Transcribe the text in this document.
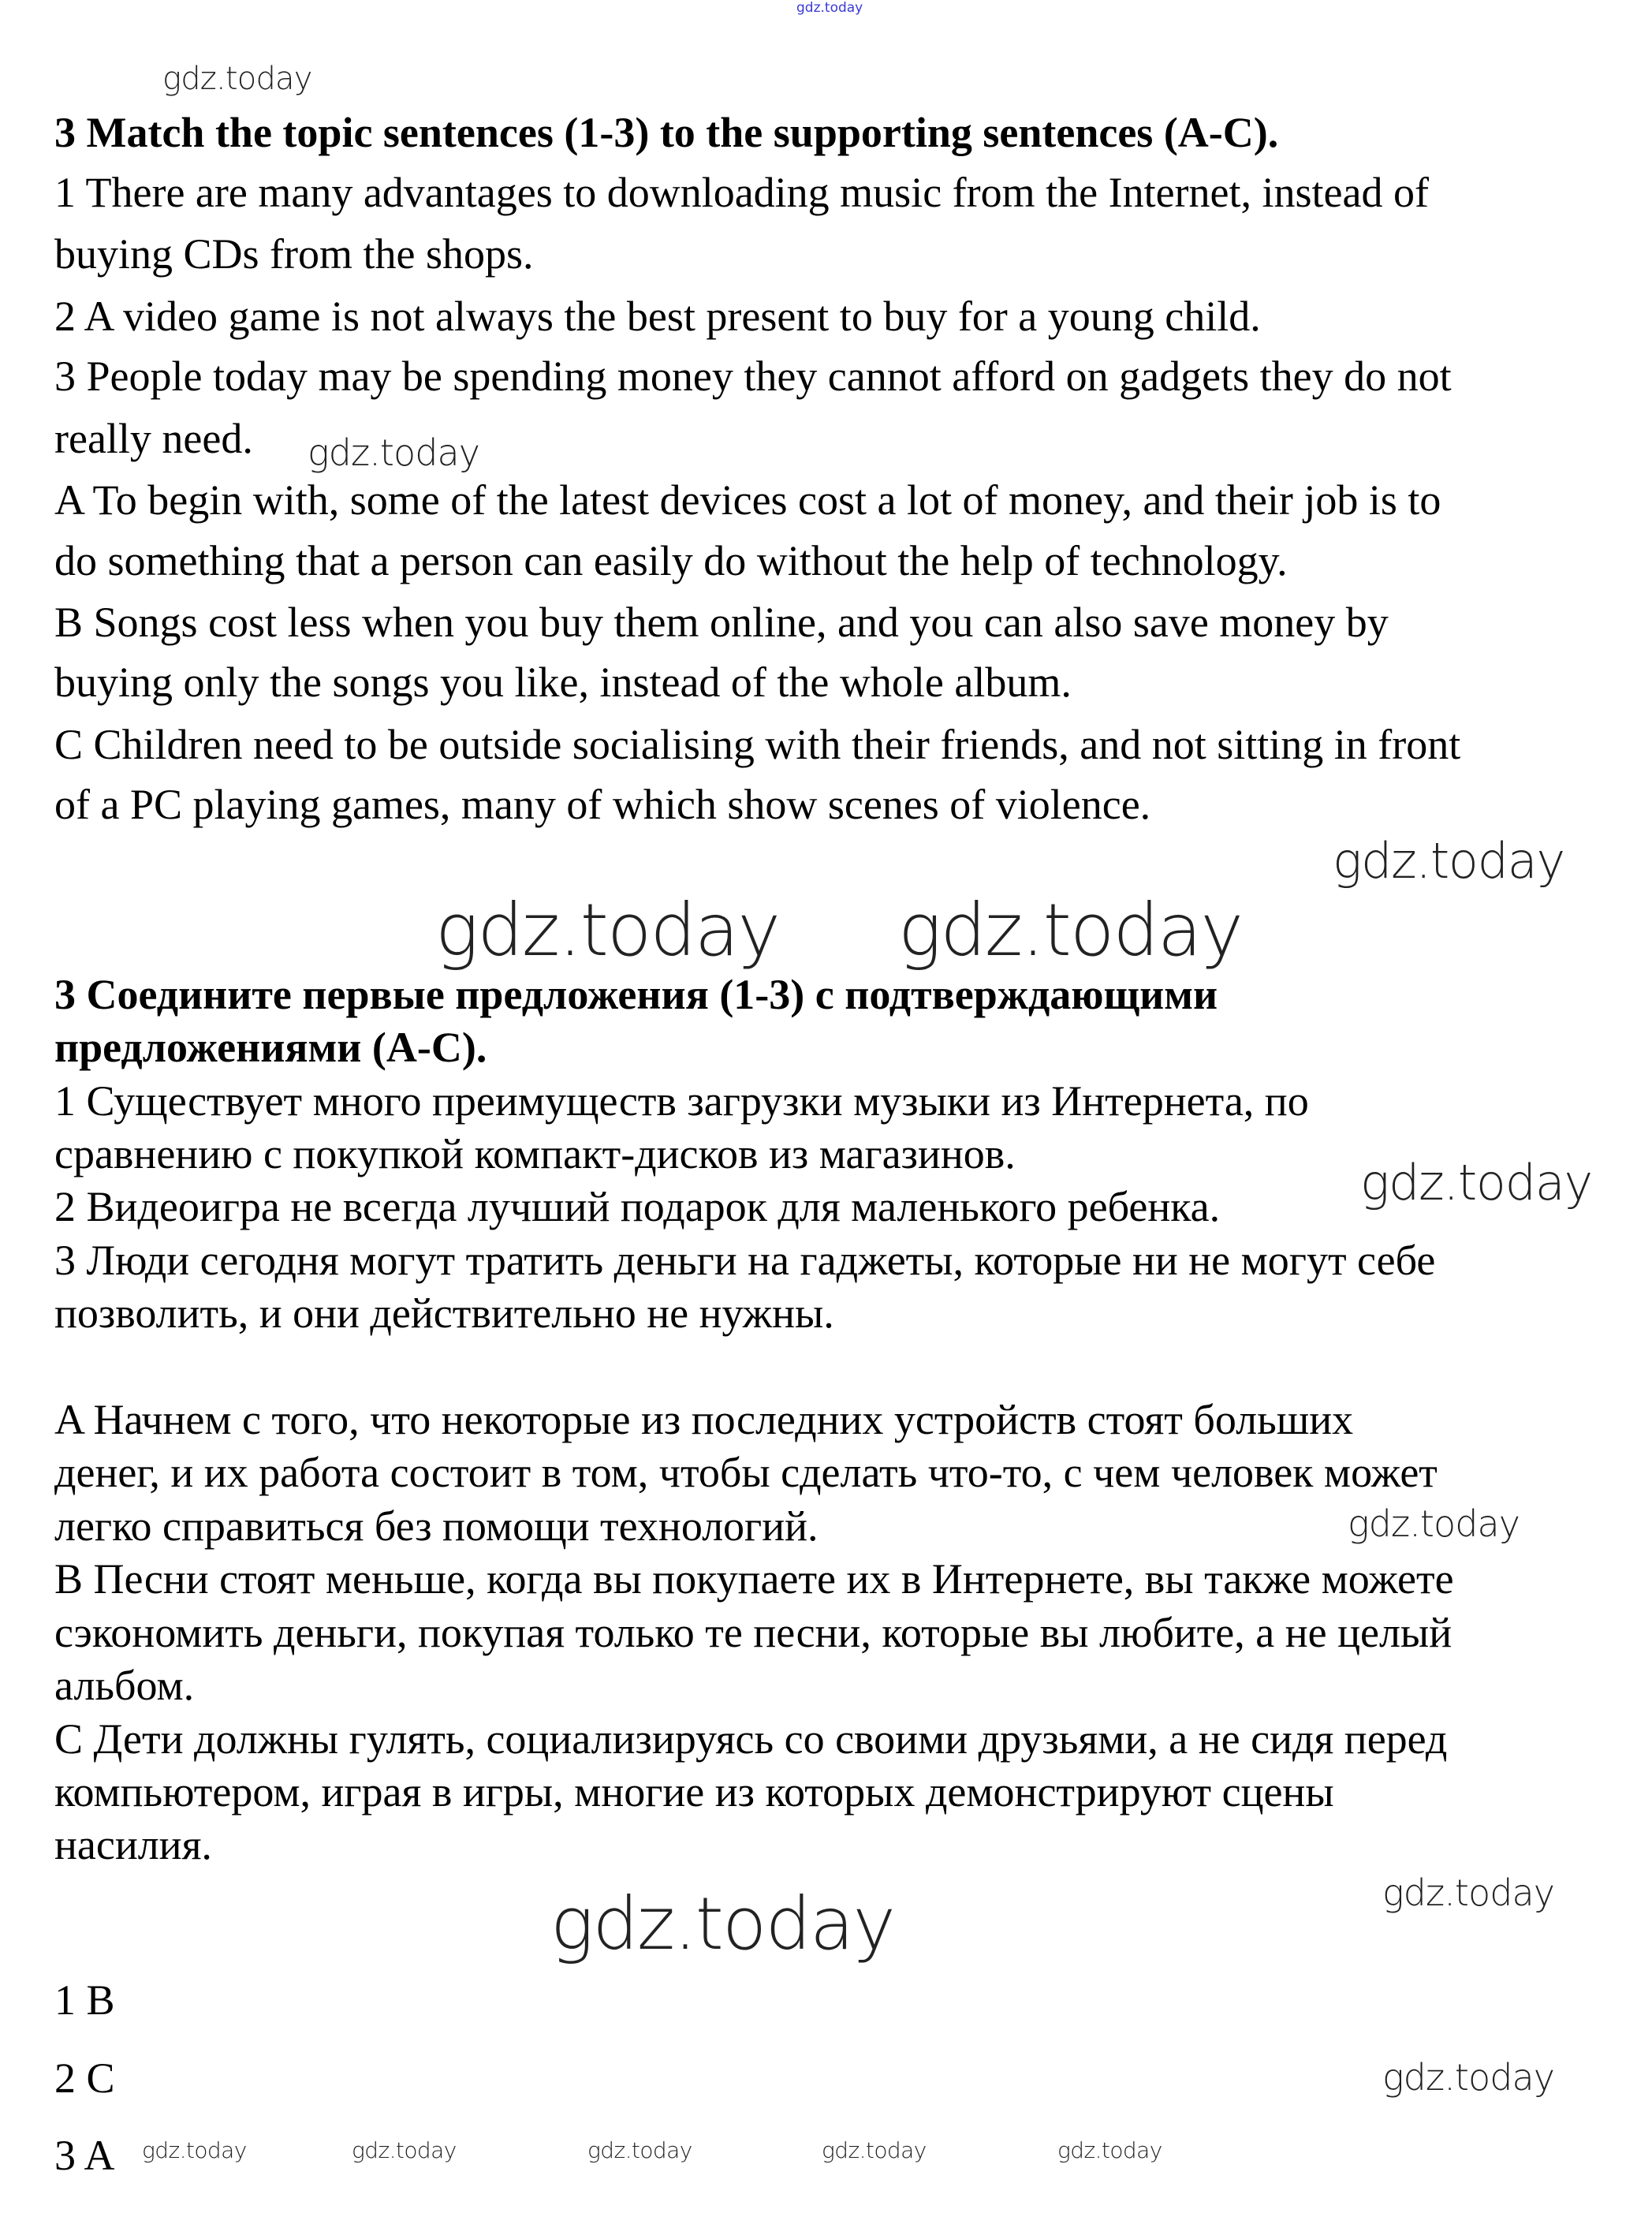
gdz.today
3 Match the topic sentences (1-3) to the supporting sentences (A-C).
1 There are many advantages to downloading music from the Internet, instead of
buying CDs from the shops.
2 A video game is not always the best present to buy for a young child.
3 People today may be spending money they cannot afford on gadgets they do not
really need.
A To begin with, some of the latest devices cost a lot of money, and their job is to
do something that a person can easily do without the help of technology.
B Songs cost less when you buy them online, and you can also save money by
buying only the songs you like, instead of the whole album.
C Children need to be outside socialising with their friends, and not sitting in front
of a PC playing games, many of which show scenes of violence.
3 Соедините первые предложения (1-3) с подтверждающими
предложениями (A-C).
1 Существует много преимуществ загрузки музыки из Интернета, по
сравнению с покупкой компакт-дисков из магазинов.
2 Видеоигра не всегда лучший подарок для маленького ребенка.
3 Люди сегодня могут тратить деньги на гаджеты, которые ни не могут себе
позволить, и они действительно не нужны.
A Начнем с того, что некоторые из последних устройств стоят больших
денег, и их работа состоит в том, чтобы сделать что-то, с чем человек может
легко справиться без помощи технологий.
B Песни стоят меньше, когда вы покупаете их в Интернете, вы также можете
сэкономить деньги, покупая только те песни, которые вы любите, а не целый
альбом.
C Дети должны гулять, социализируясь со своими друзьями, а не сидя перед
компьютером, играя в игры, многие из которых демонстрируют сцены
насилия.
1 B
2 C
3 A
gdz.today
gdz.today
gdz.today
gdz.today
gdz.today
gdz.today
gdz.today
gdz.today	gdz.today
gdz.today
gdz.today	gdz.today	gdz.today	gdz.today	gdz.today
